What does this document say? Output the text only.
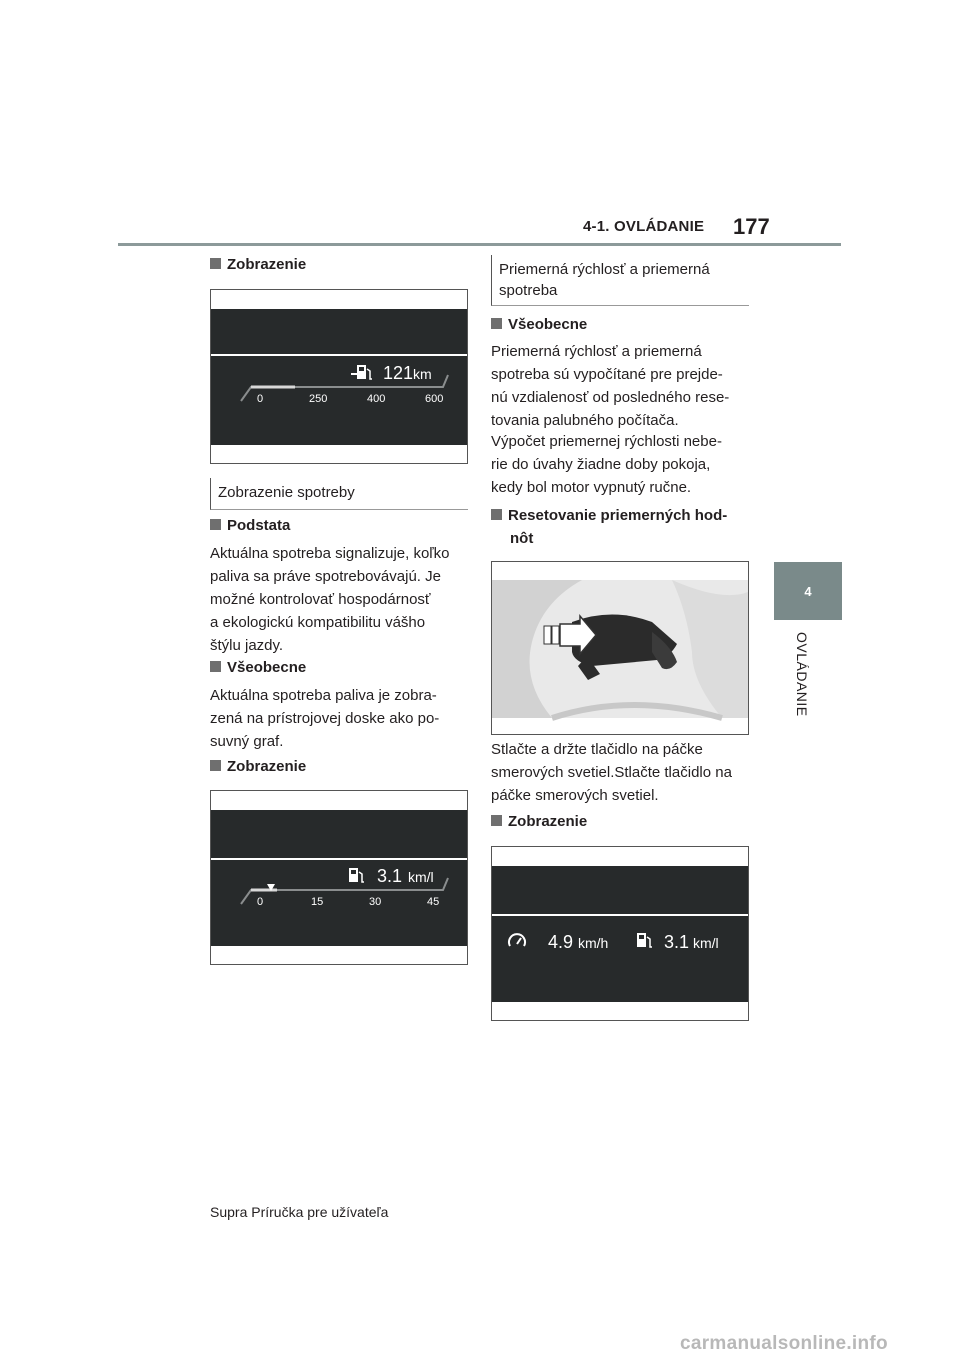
4-1. OVLÁDANIE 177
4
OVLÁDANIE
Zobrazenie
121 km
0	250	400	600
Zobrazenie spotreby
Podstata
Aktuálna spotreba signalizuje, koľko
paliva sa práve spotrebovávajú. Je
možné kontrolovať hospodárnosť
a ekologickú kompatibilitu vášho
štýlu jazdy.
Všeobecne
Aktuálna spotreba paliva je zobra-
zená na prístrojovej doske ako po-
suvný graf.
Zobrazenie
3.1 km/l
0	15	30	45
Priemerná rýchlosť a priemerná
spotreba
Všeobecne
Priemerná rýchlosť a priemerná
spotreba sú vypočítané pre prejde-
nú vzdialenosť od posledného rese-
tovania palubného počítača.
Výpočet priemernej rýchlosti nebe-
rie do úvahy žiadne doby pokoja,
kedy bol motor vypnutý ručne.
Resetovanie priemerných hod-
nôt
Stlačte a držte tlačidlo na páčke
smerových svetiel.Stlačte tlačidlo na
páčke smerových svetiel.
Zobrazenie
4.9 km/h	3.1 km/l
Supra Príručka pre užívateľa
carmanualsonline.info
